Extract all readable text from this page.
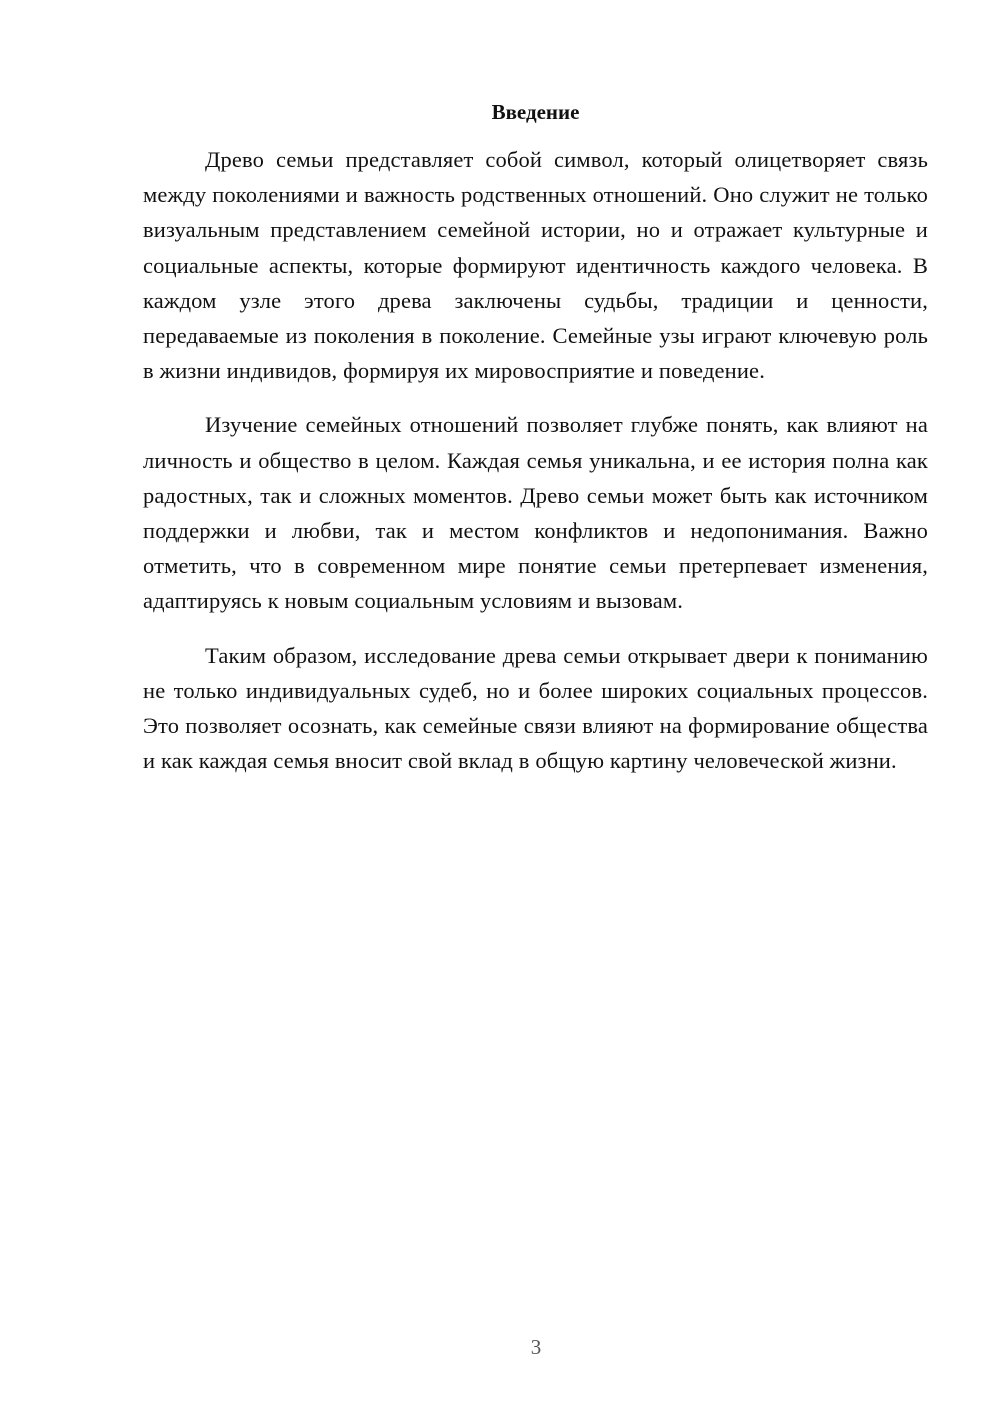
Введение

Древо семьи представляет собой символ, который олицетворяет связь между поколениями и важность родственных отношений. Оно служит не только визуальным представлением семейной истории, но и отражает культурные и социальные аспекты, которые формируют идентичность каждого человека. В каждом узле этого древа заключены судьбы, традиции и ценности, передаваемые из поколения в поколение. Семейные узы играют ключевую роль в жизни индивидов, формируя их мировосприятие и поведение.

Изучение семейных отношений позволяет глубже понять, как влияют на личность и общество в целом. Каждая семья уникальна, и ее история полна как радостных, так и сложных моментов. Древо семьи может быть как источником поддержки и любви, так и местом конфликтов и недопонимания. Важно отметить, что в современном мире понятие семьи претерпевает изменения, адаптируясь к новым социальным условиям и вызовам.

Таким образом, исследование древа семьи открывает двери к пониманию не только индивидуальных судеб, но и более широких социальных процессов. Это позволяет осознать, как семейные связи влияют на формирование общества и как каждая семья вносит свой вклад в общую картину человеческой жизни.

3
